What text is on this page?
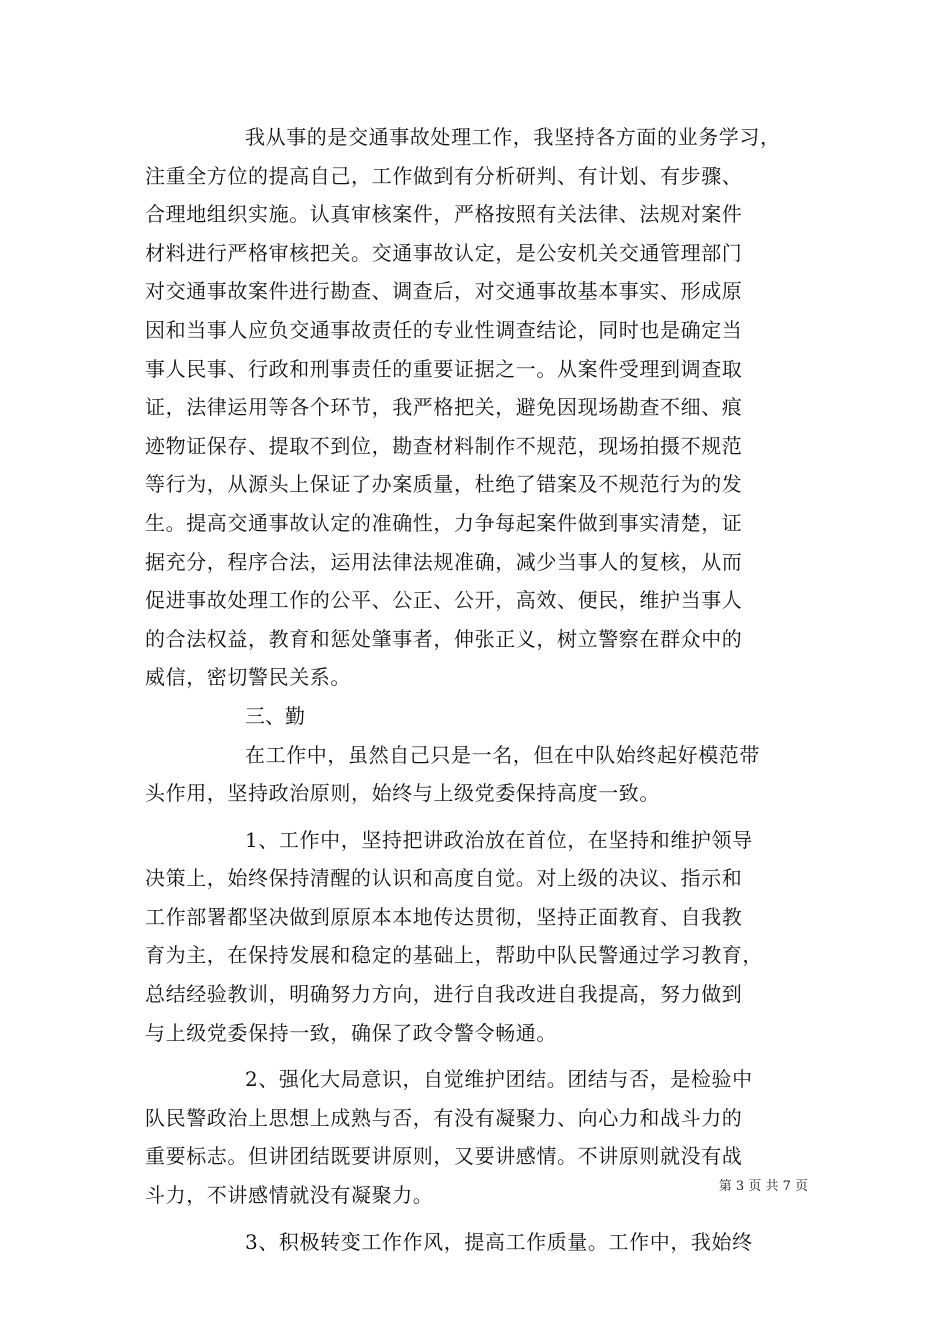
我从事的是交通事故处理工作，我坚持各方面的业务学习，
注重全方位的提高自己，工作做到有分析研判、有计划、有步骤、
合理地组织实施。认真审核案件，严格按照有关法律、法规对案件
材料进行严格审核把关。交通事故认定，是公安机关交通管理部门
对交通事故案件进行勘查、调查后，对交通事故基本事实、形成原
因和当事人应负交通事故责任的专业性调查结论，同时也是确定当
事人民事、行政和刑事责任的重要证据之一。从案件受理到调查取
证，法律运用等各个环节，我严格把关，避免因现场勘查不细、痕
迹物证保存、提取不到位，勘查材料制作不规范，现场拍摄不规范
等行为，从源头上保证了办案质量，杜绝了错案及不规范行为的发
生。提高交通事故认定的准确性，力争每起案件做到事实清楚，证
据充分，程序合法，运用法律法规准确，减少当事人的复核，从而
促进事故处理工作的公平、公正、公开，高效、便民，维护当事人
的合法权益，教育和惩处肇事者，伸张正义，树立警察在群众中的
威信，密切警民关系。
三、勤
在工作中，虽然自己只是一名，但在中队始终起好模范带
头作用，坚持政治原则，始终与上级党委保持高度一致。
1、工作中，坚持把讲政治放在首位，在坚持和维护领导
决策上，始终保持清醒的认识和高度自觉。对上级的决议、指示和
工作部署都坚决做到原原本本地传达贯彻，坚持正面教育、自我教
育为主，在保持发展和稳定的基础上，帮助中队民警通过学习教育，
总结经验教训，明确努力方向，进行自我改进自我提高，努力做到
与上级党委保持一致，确保了政令警令畅通。
2、强化大局意识，自觉维护团结。团结与否，是检验中
队民警政治上思想上成熟与否，有没有凝聚力、向心力和战斗力的
重要标志。但讲团结既要讲原则，又要讲感情。不讲原则就没有战
斗力，不讲感情就没有凝聚力。
3、积极转变工作作风，提高工作质量。工作中，我始终
第 3 页 共 7 页
